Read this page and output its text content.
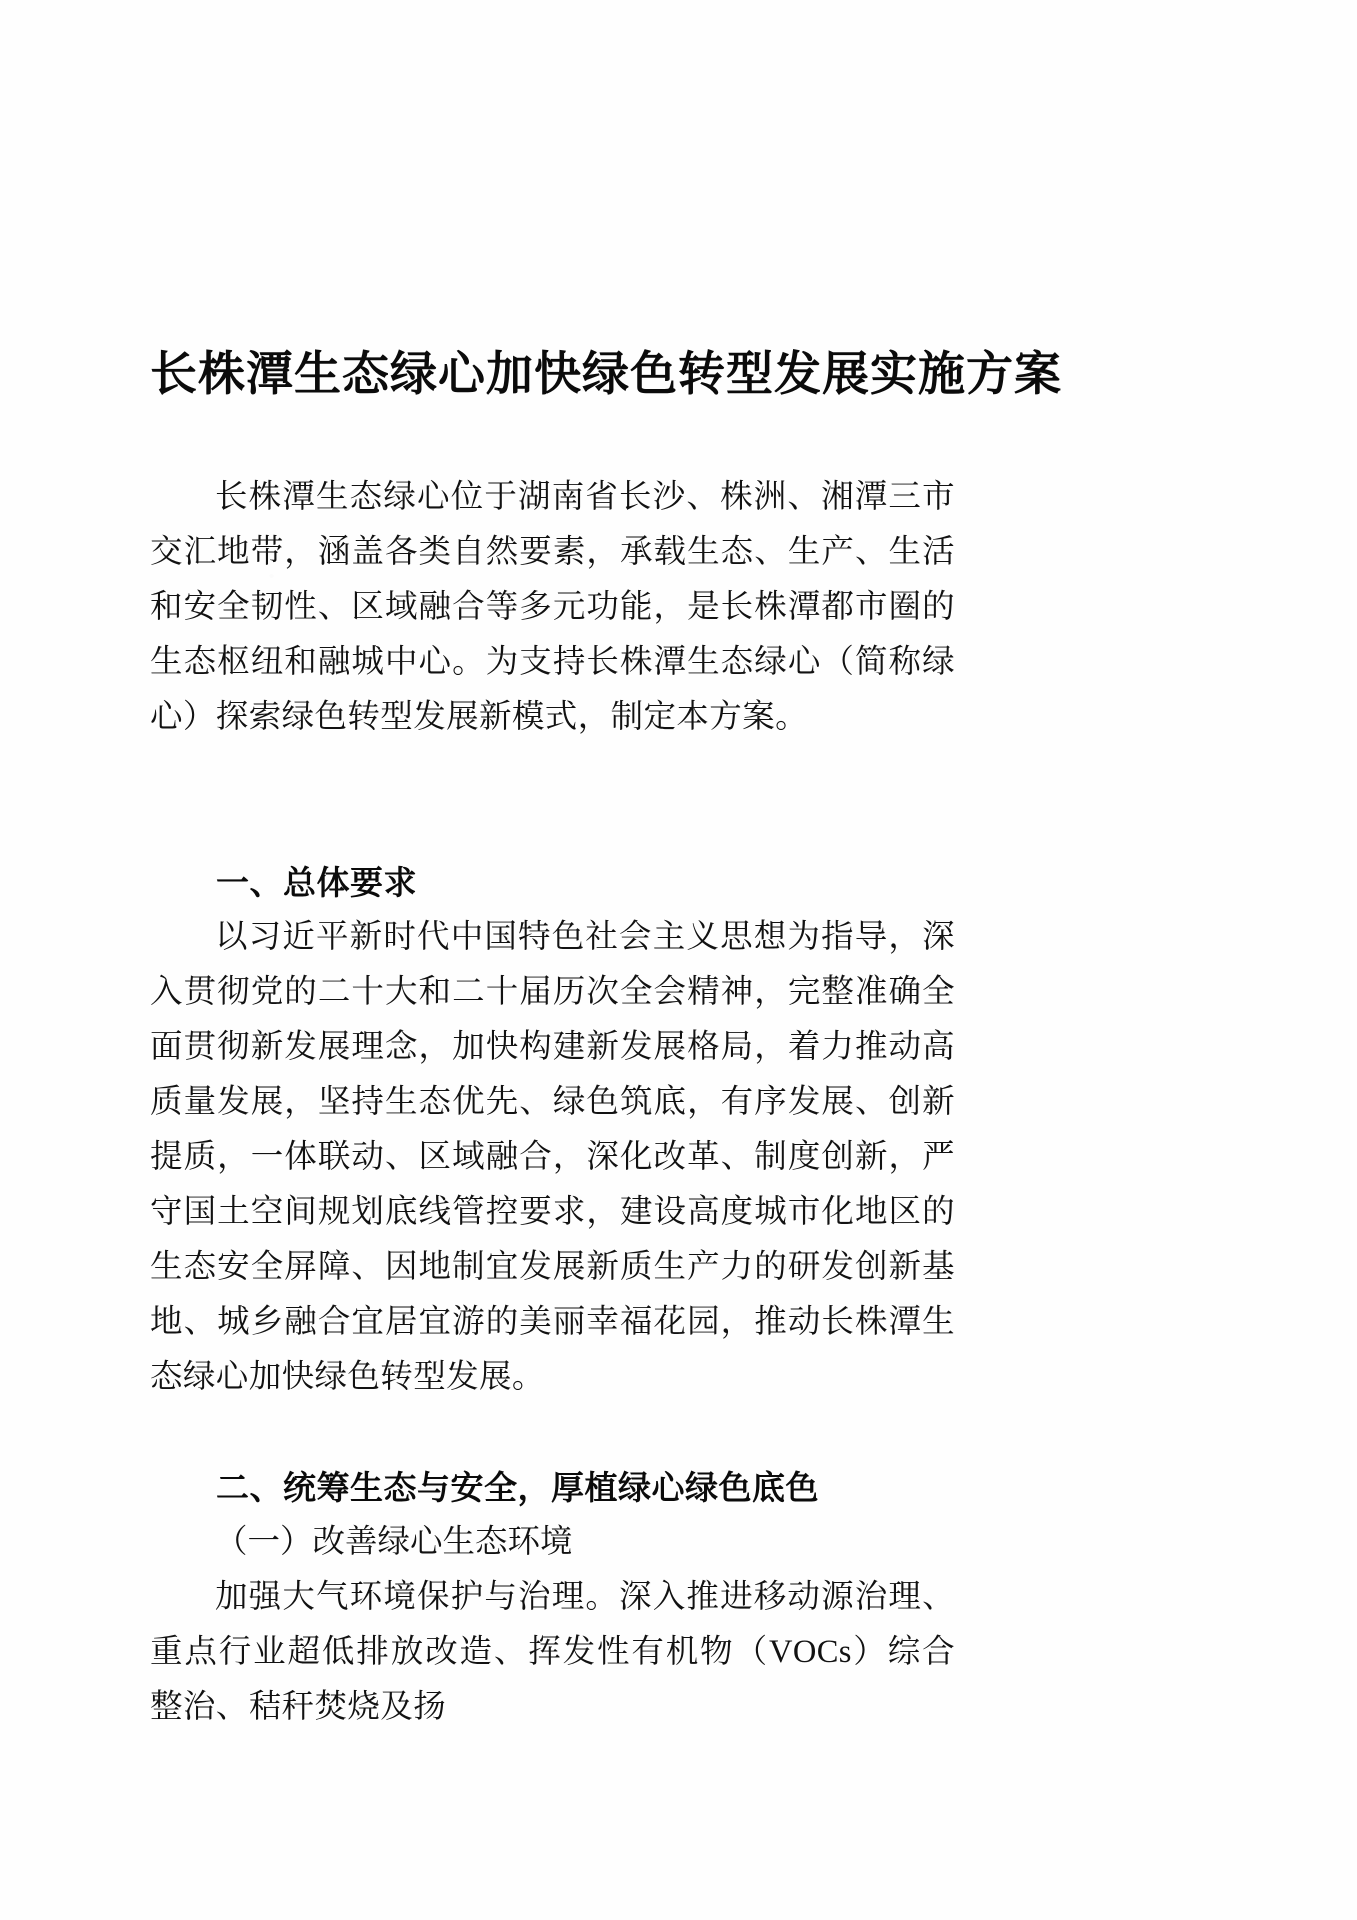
长株潭生态绿心加快绿色转型发展实施方案

长株潭生态绿心位于湖南省长沙、株洲、湘潭三市交汇地带，涵盖各类自然要素，承载生态、生产、生活和安全韧性、区域融合等多元功能，是长株潭都市圈的生态枢纽和融城中心。为支持长株潭生态绿心（简称绿心）探索绿色转型发展新模式，制定本方案。

一、总体要求

以习近平新时代中国特色社会主义思想为指导，深入贯彻党的二十大和二十届历次全会精神，完整准确全面贯彻新发展理念，加快构建新发展格局，着力推动高质量发展，坚持生态优先、绿色筑底，有序发展、创新提质，一体联动、区域融合，深化改革、制度创新，严守国土空间规划底线管控要求，建设高度城市化地区的生态安全屏障、因地制宜发展新质生产力的研发创新基地、城乡融合宜居宜游的美丽幸福花园，推动长株潭生态绿心加快绿色转型发展。

二、统筹生态与安全，厚植绿心绿色底色

（一）改善绿心生态环境

加强大气环境保护与治理。深入推进移动源治理、重点行业超低排放改造、挥发性有机物（VOCs）综合整治、秸秆焚烧及扬
